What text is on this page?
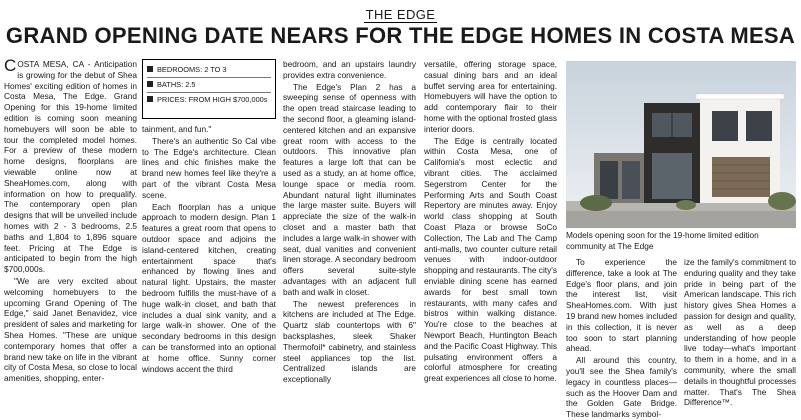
THE EDGE
GRAND OPENING DATE NEARS FOR THE EDGE HOMES IN COSTA MESA

COSTA MESA, CA - Anticipation is growing for the debut of Shea Homes' exciting edition of homes in Costa Mesa, The Edge. Grand Opening for this 19-home limited edition is coming soon meaning homebuyers will soon be able to tour the completed model homes. For a preview of these modern home designs, floorplans are viewable online now at SheaHomes.com, along with information on how to prequalify. The contemporary open plan designs that will be unveiled include homes with 2 - 3 bedrooms, 2.5 baths and 1,804 to 1,896 square feet. Pricing at The Edge is anticipated to begin from the high $700,000s.

"We are very excited about welcoming homebuyers to the upcoming Grand Opening of The Edge," said Janet Benavidez, vice president of sales and marketing for Shea Homes. "These are unique contemporary homes that offer a brand new take on life in the vibrant city of Costa Mesa, so close to local amenities, shopping, enter-

BEDROOMS: 2 TO 3
BATHS: 2.5
PRICES: FROM HIGH $700,000s

tainment, and fun."

There's an authentic So Cal vibe to The Edge's architecture. Clean lines and chic finishes make the brand new homes feel like they're a part of the vibrant Costa Mesa scene.

Each floorplan has a unique approach to modern design. Plan 1 features a great room that opens to outdoor space and adjoins the island-centered kitchen, creating entertainment space that's enhanced by flowing lines and natural light. Upstairs, the master bedroom fulfills the must-have of a huge walk-in closet, and bath that includes a dual sink vanity, and a large walk-in shower. One of the secondary bedrooms in this design can be transformed into an optional at home office. Sunny corner windows accent the third

bedroom, and an upstairs laundry provides extra convenience.

The Edge's Plan 2 has a sweeping sense of openness with the open tread staircase leading to the second floor, a gleaming island-centered kitchen and an expansive great room with access to the outdoors. This innovative plan features a large loft that can be used as a study, an at home office, lounge space or media room. Abundant natural light illuminates the large master suite. Buyers will appreciate the size of the walk-in closet and a master bath that includes a large walk-in shower with seat, dual vanities and convenient linen storage. A secondary bedroom offers several suite-style advantages with an adjacent full bath and walk in closet.

The newest preferences in kitchens are included at The Edge. Quartz slab countertops with 6" backsplashes, sleek Shaker Thermofoil* cabinetry, and stainless steel appliances top the list. Centralized islands are exceptionally

versatile, offering storage space, casual dining bars and an ideal buffet serving area for entertaining. Homebuyers will have the option to add contemporary flair to their home with the optional frosted glass interior doors.

The Edge is centrally located within Costa Mesa, one of California's most eclectic and vibrant cities. The acclaimed Segerstrom Center for the Performing Arts and South Coast Repertory are minutes away. Enjoy world class shopping at South Coast Plaza or browse SoCo Collection, The Lab and The Camp anti-malls, two counter culture retail venues with indoor-outdoor shopping and restaurants. The city's enviable dining scene has earned awards for best small town restaurants, with many cafes and bistros within walking distance. You're close to the beaches at Newport Beach, Huntington Beach and the Pacific Coast Highway. This pulsating environment offers a colorful atmosphere for creating great experiences all close to home.

Models opening soon for the 19-home limited edition community at The Edge

To experience the difference, take a look at The Edge's floor plans, and join the interest list, visit SheaHomes.com. With just 19 brand new homes included in this collection, it is never too soon to start planning ahead.

All around this country, you'll see the Shea family's legacy in countless places—such as the Hoover Dam and the Golden Gate Bridge. These landmarks symbol-

ize the family's commitment to enduring quality and they take pride in being part of the American landscape. This rich history gives Shea Homes a passion for design and quality, as well as a deep understanding of how people live today—what's important to them in a home, and in a community, where the small details in thoughtful processes matter. That's The Shea Difference™.
